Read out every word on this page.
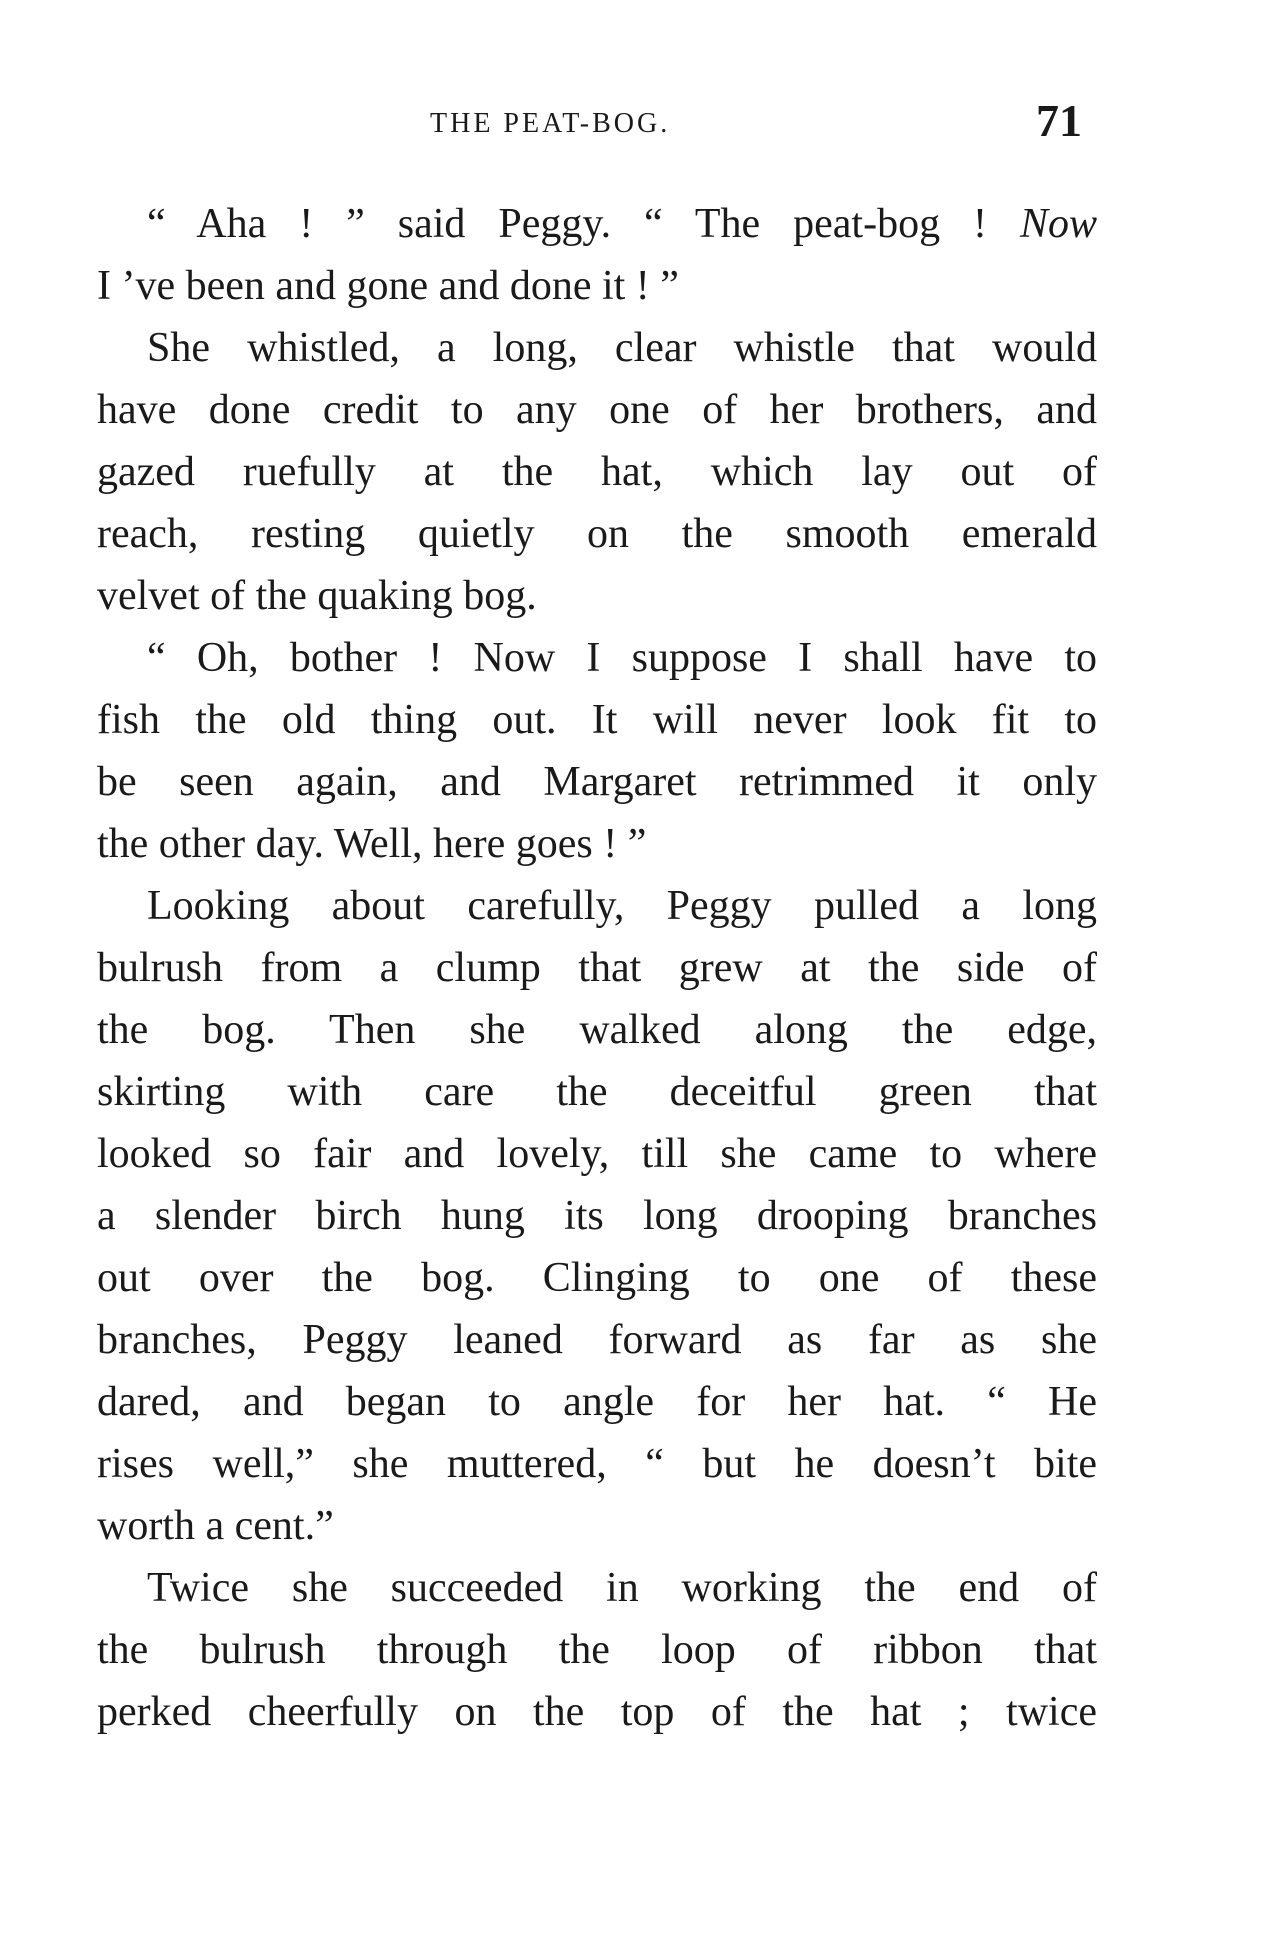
THE PEAT-BOG.	71
“ Aha ! ” said Peggy. “ The peat-bog ! Now
I ’ve been and gone and done it ! ”
She whistled, a long, clear whistle that would
have done credit to any one of her brothers, and
gazed ruefully at the hat, which lay out of
reach, resting quietly on the smooth emerald
velvet of the quaking bog.
“ Oh, bother ! Now I suppose I shall have to
fish the old thing out. It will never look fit to
be seen again, and Margaret retrimmed it only
the other day. Well, here goes ! ”
Looking about carefully, Peggy pulled a long
bulrush from a clump that grew at the side of
the bog. Then she walked along the edge,
skirting with care the deceitful green that
looked so fair and lovely, till she came to where
a slender birch hung its long drooping branches
out over the bog. Clinging to one of these
branches, Peggy leaned forward as far as she
dared, and began to angle for her hat. “ He
rises well,” she muttered, “ but he doesn’t bite
worth a cent.”
Twice she succeeded in working the end of
the bulrush through the loop of ribbon that
perked cheerfully on the top of the hat ; twice
